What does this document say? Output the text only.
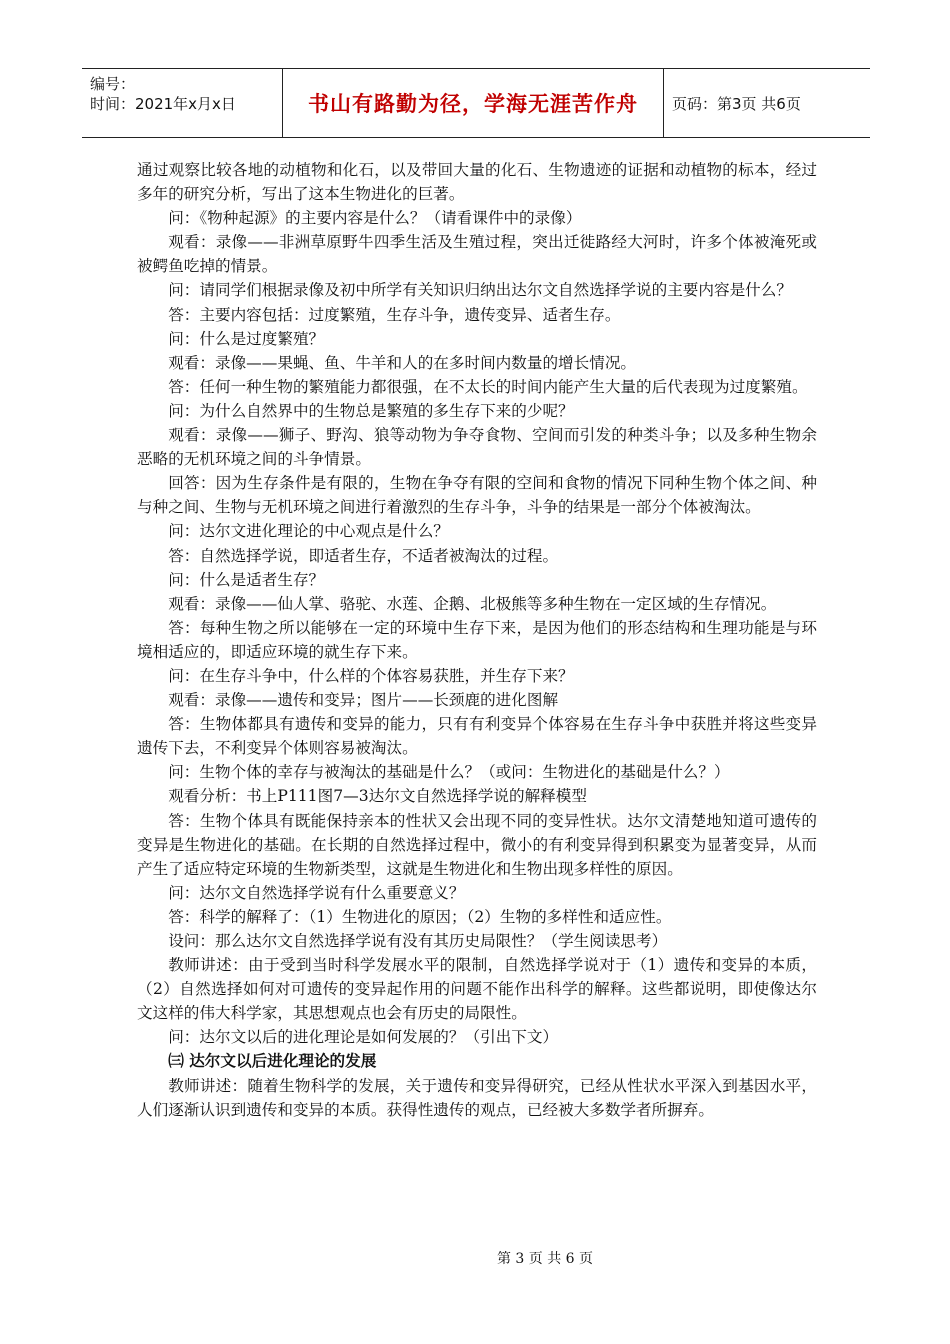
编号：
时间：2021年x月x日	书山有路勤为径，学海无涯苦作舟 页码：第3页 共6页

通过观察比较各地的动植物和化石，以及带回大量的化石、生物遗迹的证据和动植物的标本，经过多年的研究分析，写出了这本生物进化的巨著。

问：《物种起源》的主要内容是什么？（请看课件中的录像）

观看：录像——非洲草原野牛四季生活及生殖过程，突出迁徙路经大河时，许多个体被淹死或被鳄鱼吃掉的情景。

问：请同学们根据录像及初中所学有关知识归纳出达尔文自然选择学说的主要内容是什么？

答：主要内容包括：过度繁殖，生存斗争，遗传变异、适者生存。

问：什么是过度繁殖？

观看：录像——果蝇、鱼、牛羊和人的在多时间内数量的增长情况。

答：任何一种生物的繁殖能力都很强，在不太长的时间内能产生大量的后代表现为过度繁殖。

问：为什么自然界中的生物总是繁殖的多生存下来的少呢？

观看：录像——狮子、野沟、狼等动物为争夺食物、空间而引发的种类斗争；以及多种生物余恶略的无机环境之间的斗争情景。

回答：因为生存条件是有限的，生物在争夺有限的空间和食物的情况下同种生物个体之间、种与种之间、生物与无机环境之间进行着激烈的生存斗争，斗争的结果是一部分个体被淘汰。

问：达尔文进化理论的中心观点是什么？

答：自然选择学说，即适者生存，不适者被淘汰的过程。

问：什么是适者生存？

观看：录像——仙人掌、骆驼、水莲、企鹅、北极熊等多种生物在一定区域的生存情况。

答：每种生物之所以能够在一定的环境中生存下来，是因为他们的形态结构和生理功能是与环境相适应的，即适应环境的就生存下来。

问：在生存斗争中，什么样的个体容易获胜，并生存下来？

观看：录像——遗传和变异；图片——长颈鹿的进化图解

答：生物体都具有遗传和变异的能力，只有有利变异个体容易在生存斗争中获胜并将这些变异遗传下去，不利变异个体则容易被淘汰。

问：生物个体的幸存与被淘汰的基础是什么？（或问：生物进化的基础是什么？）

观看分析：书上P111图7—3达尔文自然选择学说的解释模型

答：生物个体具有既能保持亲本的性状又会出现不同的变异性状。达尔文清楚地知道可遗传的变异是生物进化的基础。在长期的自然选择过程中，微小的有利变异得到积累变为显著变异，从而产生了适应特定环境的生物新类型，这就是生物进化和生物出现多样性的原因。

问：达尔文自然选择学说有什么重要意义？

答：科学的解释了：（1）生物进化的原因；（2）生物的多样性和适应性。

设问：那么达尔文自然选择学说有没有其历史局限性？（学生阅读思考）

教师讲述：由于受到当时科学发展水平的限制，自然选择学说对于（1）遗传和变异的本质，（2）自然选择如何对可遗传的变异起作用的问题不能作出科学的解释。这些都说明，即使像达尔文这样的伟大科学家，其思想观点也会有历史的局限性。

问：达尔文以后的进化理论是如何发展的？（引出下文）

㈢ 达尔文以后进化理论的发展

教师讲述：随着生物科学的发展，关于遗传和变异得研究，已经从性状水平深入到基因水平，人们逐渐认识到遗传和变异的本质。获得性遗传的观点，已经被大多数学者所摒弃。

第 3 页 共 6 页
